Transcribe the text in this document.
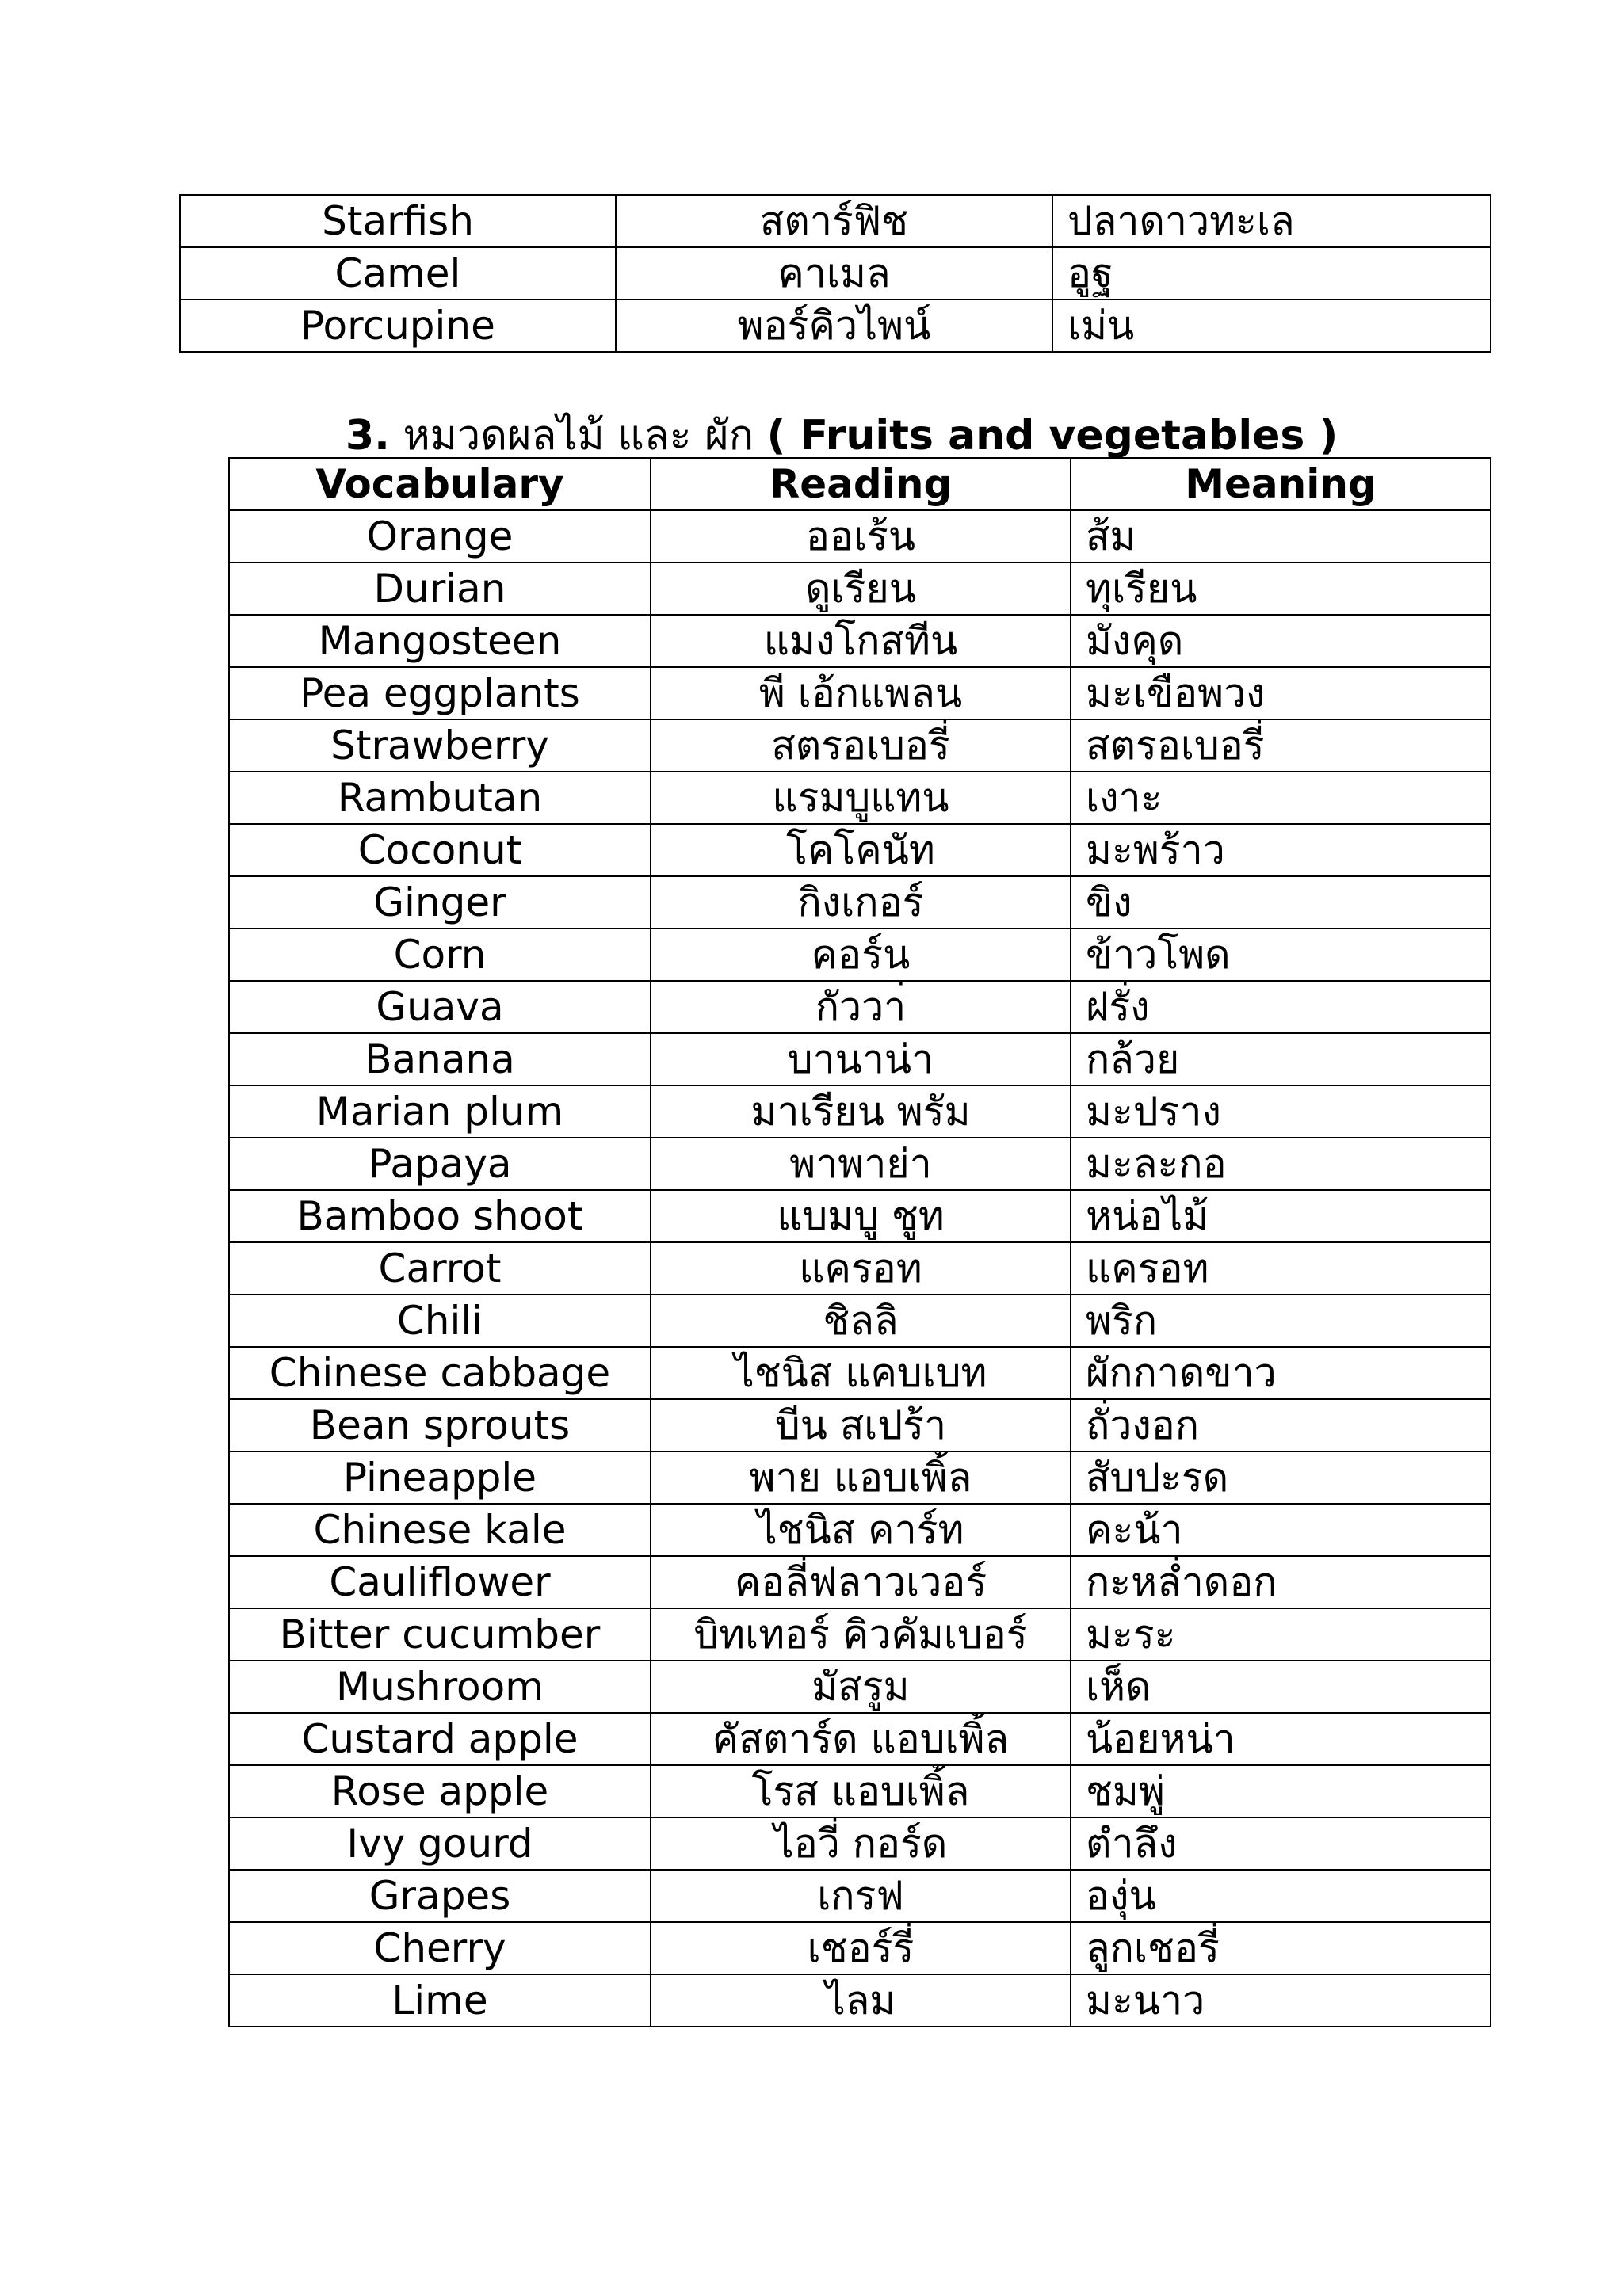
Starfish	สตาร์ฟิช	ปลาดาวทะเล
Camel	คาเมล	อูฐ
Porcupine	พอร์คิวไพน์	เม่น
3. หมวดผลไม้ และ ผัก ( Fruits and vegetables )
Vocabulary	Reading	Meaning
Orange	ออเร้น	ส้ม
Durian	ดูเรียน	ทุเรียน
Mangosteen	แมงโกสทีน	มังคุด
Pea eggplants	พี เอ้กแพลน	มะเขือพวง
Strawberry	สตรอเบอรี่	สตรอเบอรี่
Rambutan	แรมบูแทน	เงาะ
Coconut	โคโคนัท	มะพร้าว
Ginger	กิงเกอร์	ขิง
Corn	คอร์น	ข้าวโพด
Guava	กัววา่	ฝรั่ง
Banana	บานาน่า	กล้วย
Marian plum	มาเรียน พรัม	มะปราง
Papaya	พาพาย่า	มะละกอ
Bamboo shoot	แบมบู ชูท	หน่อไม้
Carrot	แครอท	แครอท
Chili	ชิลลิ	พริก
Chinese cabbage	ไชนิส แคบเบท	ผักกาดขาว
Bean sprouts	บีน สเปร้า	ถั่วงอก
Pineapple	พาย แอบเพิ้ล	สับปะรด
Chinese kale	ไชนิส คาร์ท	คะน้า
Cauliflower	คอลี่ฟลาวเวอร์	กะหล่ำดอก
Bitter cucumber	บิทเทอร์ คิวคัมเบอร์	มะระ
Mushroom	มัสรูม	เห็ด
Custard apple	คัสตาร์ด แอบเพิ้ล	น้อยหน่า
Rose apple	โรส แอบเพิ้ล	ชมพู่
Ivy gourd	ไอวี่ กอร์ด	ตำลึง
Grapes	เกรฟ	องุ่น
Cherry	เชอร์รี่	ลูกเชอรี่
Lime	ไลม	มะนาว
